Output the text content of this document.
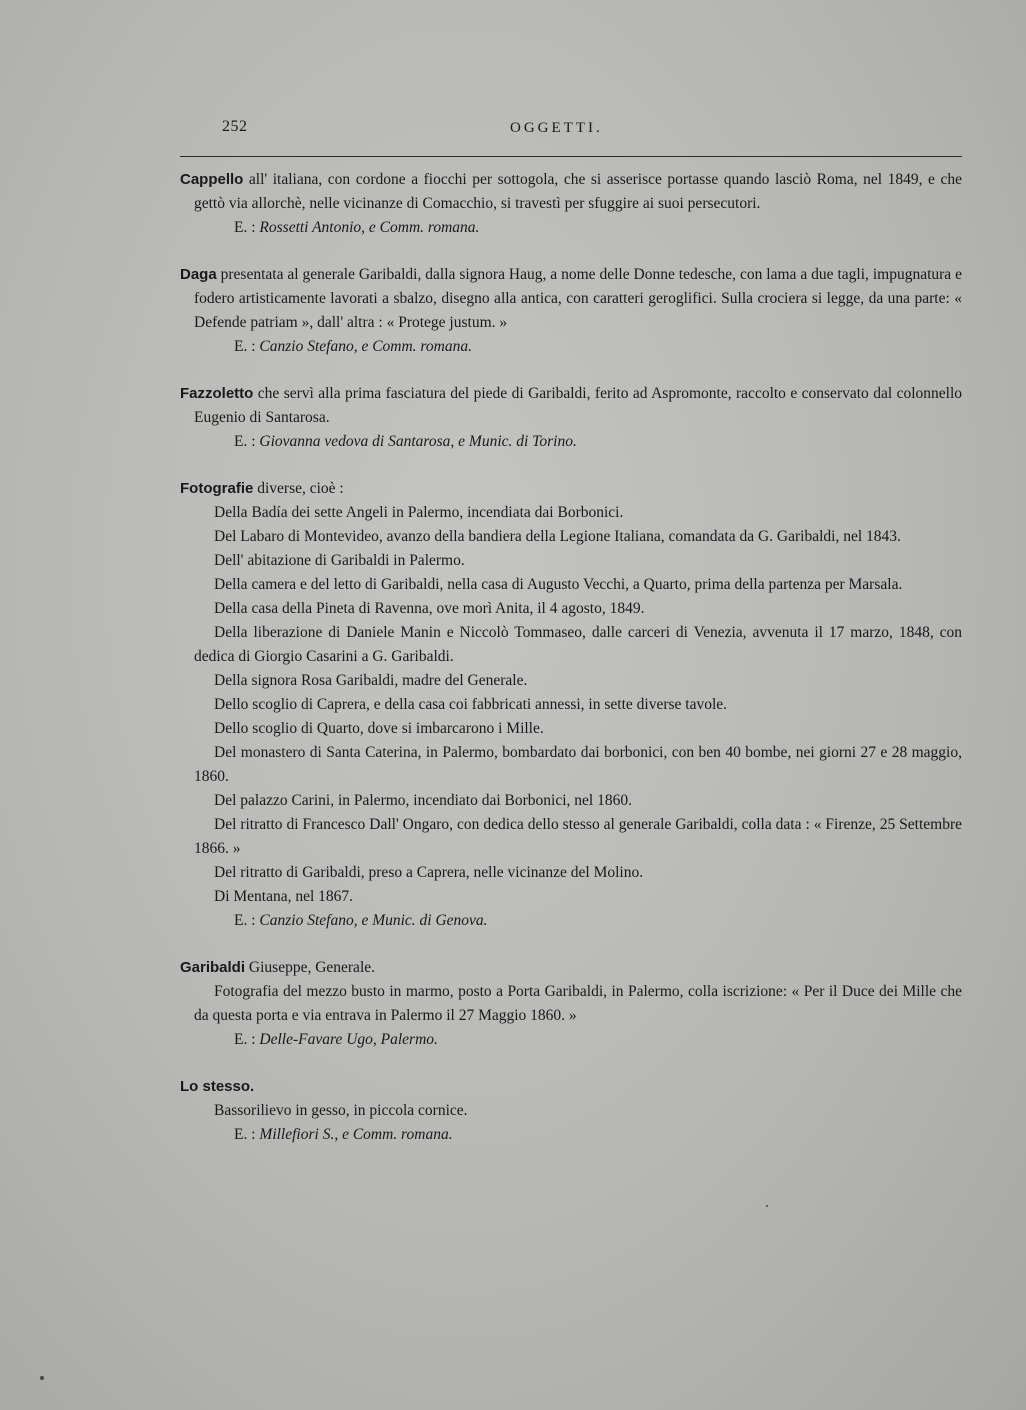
252	OGGETTI.

Cappello all' italiana, con cordone a fiocchi per sottogola, che si asserisce portasse quando lasciò Roma, nel 1849, e che gettò via allorchè, nelle vicinanze di Comacchio, si travestì per sfuggire ai suoi persecutori.

E. : Rossetti Antonio, e Comm. romana.

Daga presentata al generale Garibaldi, dalla signora Haug, a nome delle Donne tedesche, con lama a due tagli, impugnatura e fodero artisticamente lavorati a sbalzo, disegno alla antica, con caratteri geroglifici. Sulla crociera si legge, da una parte: « Defende patriam », dall' altra : « Protege justum. »

E. : Canzio Stefano, e Comm. romana.

Fazzoletto che servì alla prima fasciatura del piede di Garibaldi, ferito ad Aspromonte, raccolto e conservato dal colonnello Eugenio di Santarosa.

E. : Giovanna vedova di Santarosa, e Munic. di Torino.

Fotografie diverse, cioè :

Della Badía dei sette Angeli in Palermo, incendiata dai Borbonici.

Del Labaro di Montevideo, avanzo della bandiera della Legione Italiana, comandata da G. Garibaldi, nel 1843.

Dell' abitazione di Garibaldi in Palermo.

Della camera e del letto di Garibaldi, nella casa di Augusto Vecchi, a Quarto, prima della partenza per Marsala.

Della casa della Pineta di Ravenna, ove morì Anita, il 4 agosto, 1849.

Della liberazione di Daniele Manin e Niccolò Tommaseo, dalle carceri di Venezia, avvenuta il 17 marzo, 1848, con dedica di Giorgio Casarini a G. Garibaldi.

Della signora Rosa Garibaldi, madre del Generale.

Dello scoglio di Caprera, e della casa coi fabbricati annessi, in sette diverse tavole.

Dello scoglio di Quarto, dove si imbarcarono i Mille.

Del monastero di Santa Caterina, in Palermo, bombardato dai borbonici, con ben 40 bombe, nei giorni 27 e 28 maggio, 1860.

Del palazzo Carini, in Palermo, incendiato dai Borbonici, nel 1860.

Del ritratto di Francesco Dall' Ongaro, con dedica dello stesso al generale Garibaldi, colla data : « Firenze, 25 Settembre 1866. »

Del ritratto di Garibaldi, preso a Caprera, nelle vicinanze del Molino.

Di Mentana, nel 1867.

E. : Canzio Stefano, e Munic. di Genova.

Garibaldi Giuseppe, Generale.

Fotografia del mezzo busto in marmo, posto a Porta Garibaldi, in Palermo, colla iscrizione: « Per il Duce dei Mille che da questa porta e via entrava in Palermo il 27 Maggio 1860. »

E. : Delle-Favare Ugo, Palermo.

Lo stesso.

Bassorilievo in gesso, in piccola cornice.

E. : Millefiori S., e Comm. romana.
